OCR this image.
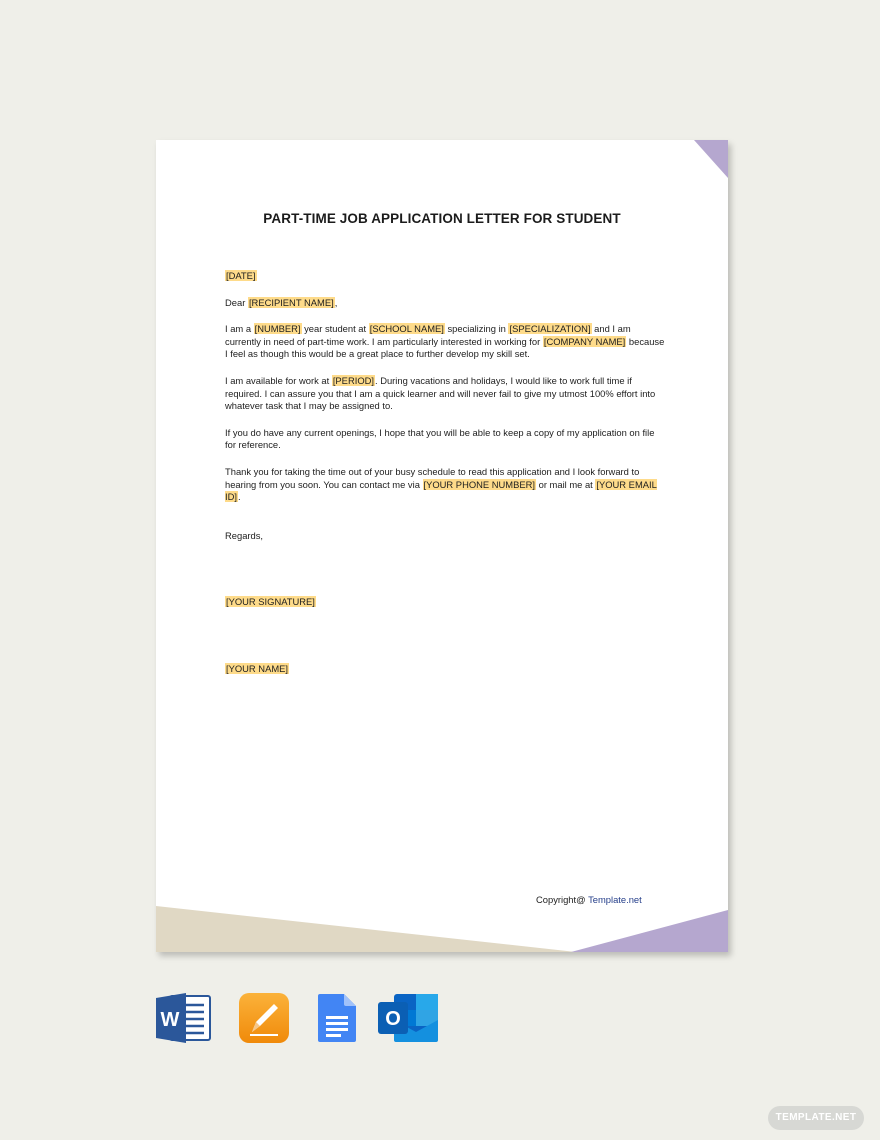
PART-TIME JOB APPLICATION LETTER FOR STUDENT

[DATE]

Dear [RECIPIENT NAME],

I am a [NUMBER] year student at [SCHOOL NAME] specializing in [SPECIALIZATION] and I am currently in need of part-time work. I am particularly interested in working for [COMPANY NAME] because I feel as though this would be a great place to further develop my skill set.

I am available for work at [PERIOD]. During vacations and holidays, I would like to work full time if required. I can assure you that I am a quick learner and will never fail to give my utmost 100% effort into whatever task that I may be assigned to.

If you do have any current openings, I hope that you will be able to keep a copy of my application on file for reference.

Thank you for taking the time out of your busy schedule to read this application and I look forward to hearing from you soon. You can contact me via [YOUR PHONE NUMBER] or mail me at [YOUR EMAIL ID].

Regards,

[YOUR SIGNATURE]

[YOUR NAME]

Copyright@ Template.net
W	O
TEMPLATE.NET
